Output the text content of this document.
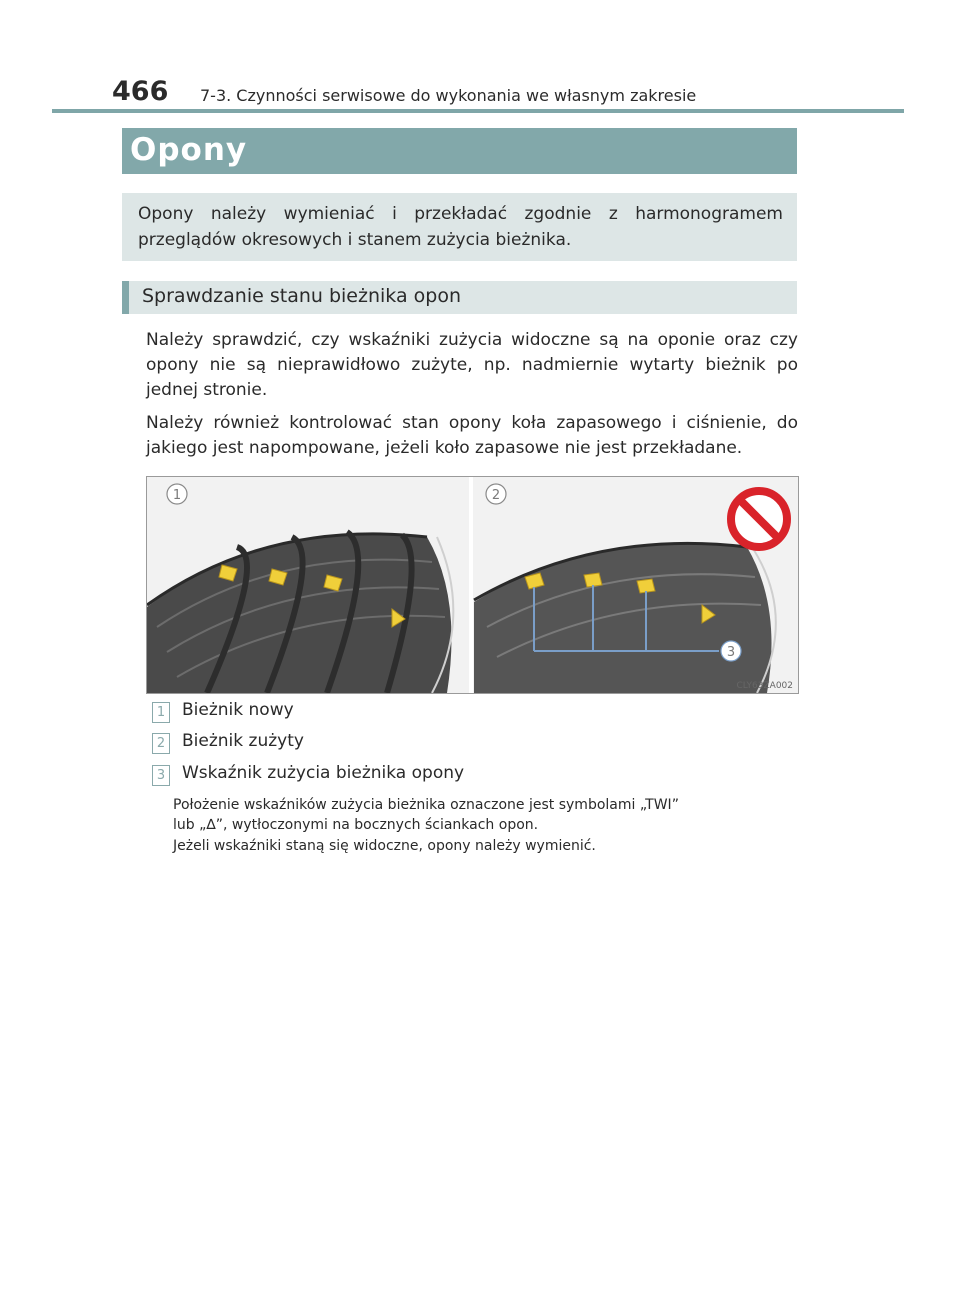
466 7-3. Czynności serwisowe do wykonania we własnym zakresie
Opony
Opony należy wymieniać i przekładać zgodnie z harmonogramem przeglądów okresowych i stanem zużycia bieżnika.
Sprawdzanie stanu bieżnika opon
Należy sprawdzić, czy wskaźniki zużycia widoczne są na oponie oraz czy opony nie są nieprawidłowo zużyte, np. nadmiernie wytarty bieżnik po jednej stronie.
Należy również kontrolować stan opony koła zapasowego i ciśnienie, do jakiego jest napompowane, jeżeli koło zapasowe nie jest przekładane.
1	2
3
CLY63ZA002
1 Bieżnik nowy
2 Bieżnik zużyty
3 Wskaźnik zużycia bieżnika opony
Położenie wskaźników zużycia bieżnika oznaczone jest symbolami „TWI”
lub „∆”, wytłoczonymi na bocznych ściankach opon.
Jeżeli wskaźniki staną się widoczne, opony należy wymienić.
